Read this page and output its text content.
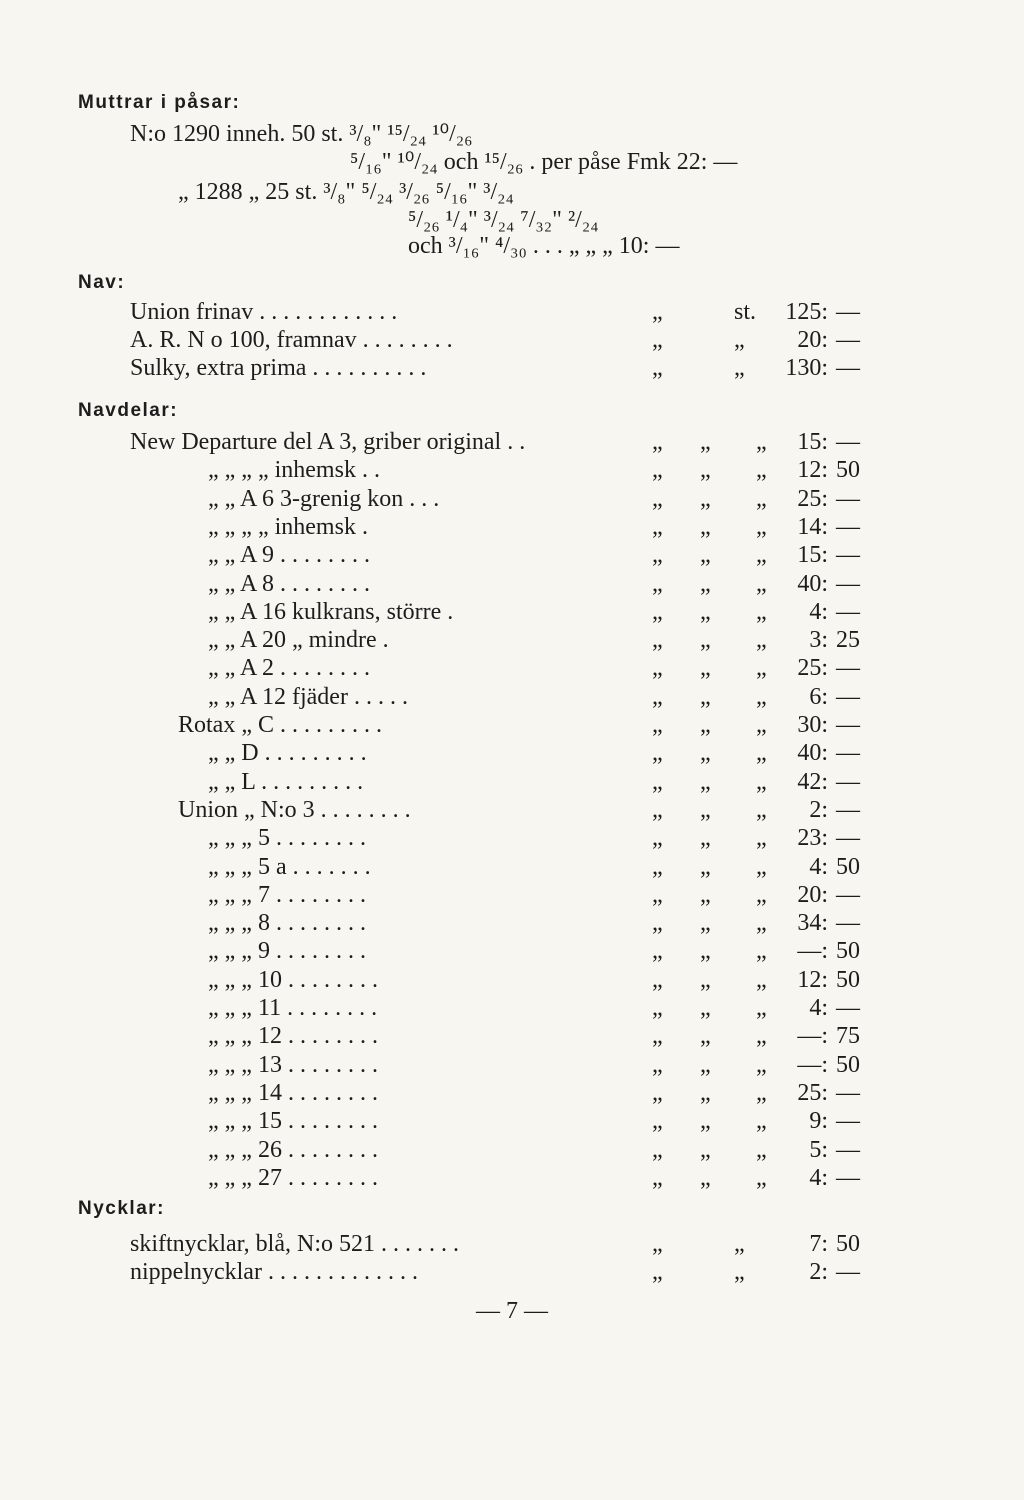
Muttrar i påsar:
N:o 1290 inneh. 50 st. ³/₈" ¹⁵/₂₄ ¹⁰/₂₆
⁵/₁₆" ¹⁰/₂₄ och ¹⁵/₂₆ . per påse Fmk 22: —
„ 1288 „ 25 st. ³/₈" ⁵/₂₄ ³/₂₆ ⁵/₁₆" ³/₂₄
⁵/₂₆ ¹/₄" ³/₂₄ ⁷/₃₂" ²/₂₄
och ³/₁₆" ⁴/₃₀ . . . „ „ „ 10: —
Nav:
Union frinav . . . . . . . . . . . .	„	st.	125: —
A. R. N o 100, framnav . . . . . . . .	„	„	20: —
Sulky, extra prima . . . . . . . . . .	„	„	130: —
Navdelar:
New Departure del A 3, griber original . .	„ „ „	15: —
„ „ „ „ inhemsk . .	„ „ „	12: 50
„ „ A 6 3-grenig kon . . .	„ „ „	25: —
„ „ „ „ inhemsk .	„ „ „	14: —
„ „ A 9 . . . . . . . .	„ „ „	15: —
„ „ A 8 . . . . . . . .	„ „ „	40: —
„ „ A 16 kulkrans, större .	„ „ „	4: —
„ „ A 20 „ mindre .	„ „ „	3: 25
„ „ A 2 . . . . . . . .	„ „ „	25: —
„ „ A 12 fjäder . . . . .	„ „ „	6: —
Rotax „ C . . . . . . . . .	„ „ „	30: —
„ „ D . . . . . . . . .	„ „ „	40: —
„ „ L . . . . . . . . .	„ „ „	42: —
Union „ N:o 3 . . . . . . . .	„ „ „	2: —
„ „ „ 5 . . . . . . . .	„ „ „	23: —
„ „ „ 5 a . . . . . . .	„ „ „	4: 50
„ „ „ 7 . . . . . . . .	„ „ „	20: —
„ „ „ 8 . . . . . . . .	„ „ „	34: —
„ „ „ 9 . . . . . . . .	„ „ „	—: 50
„ „ „ 10 . . . . . . . .	„ „ „	12: 50
„ „ „ 11 . . . . . . . .	„ „ „	4: —
„ „ „ 12 . . . . . . . .	„ „ „	—: 75
„ „ „ 13 . . . . . . . .	„ „ „	—: 50
„ „ „ 14 . . . . . . . .	„ „ „	25: —
„ „ „ 15 . . . . . . . .	„ „ „	9: —
„ „ „ 26 . . . . . . . .	„ „ „	5: —
„ „ „ 27 . . . . . . . .	„ „ „	4: —
Nycklar:
skiftnycklar, blå, N:o 521 . . . . . . .	„	„	7: 50
nippelnycklar . . . . . . . . . . . . .	„	„	2: —
— 7 —
